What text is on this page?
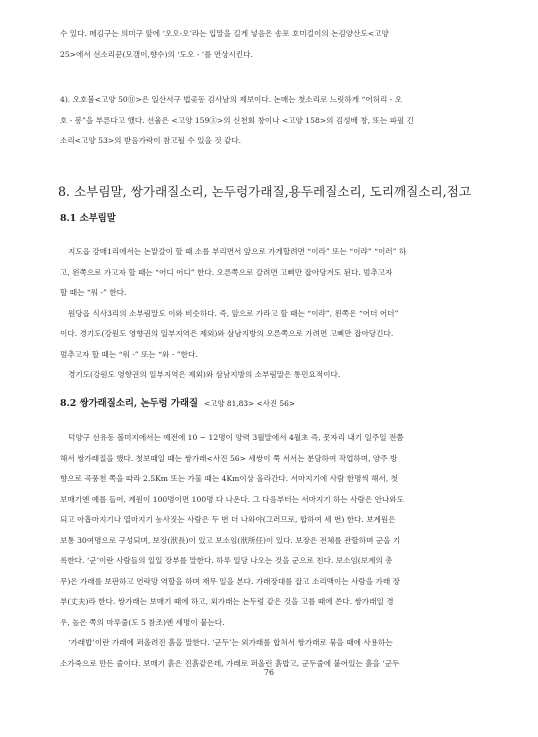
수 있다. 메김구는 의미구 앞에 ‘오오-오’라는 입말을 길게 넣음은 송포 호미걸이의 논김양산도<고양

25>에서 선소리꾼(모갬이,향수)의 ‘도오 - ’를 연상시킨다.

4). 오호불<고양 50⑪>은 일산서구 법곶동 김사남의 제보이다. 논매는 첫소리로 느릿하게 “어허리 - 오

호 - 봉”을 부른다고 했다. 선율은 <고양 159③>의 신천회 창이나 <고양 158>의 김성배 창, 또는 파필 긴

소리<고양 53>의 받음가락이 참고될 수 있을 것 같다.

8. 소부림말, 쌍가래질소리, 논두렁가래질,용두레질소리, 도리깨질소리,점고
8.1 소부림말

지도읍 강매1리에서는 논맡갈이 할 때 소를 부리면서 앞으로 가게할려면 “이라” 또는 “이랴” “이러” 하

고, 왼쪽으로 가고자 할 때는 “어디 어디” 한다. 오른쪽으로 갈려면 고삐만 잡아당겨도 된다. 멈추고자

할 때는 “워 -” 한다.

원당읍 식사3리의 소부림말도 이와 비슷하다. 즉, 앞으로 가라고 할 때는 “이랴”, 왼쪽은 “어더 어더”

이다. 경기도(강원도 영향권의 일부지역은 제외)와 삼남지방의 오른쪽으로 가려면 고삐만 잡아당긴다.

멈추고자 할 때는 “워 -” 또는 “와 - ”한다.

경기도(강원도 영향권의 일부지역은 제외)와 삼남지방의 소부림말은 통민요적이다.

8.2 쌍가래질소리, 논두렁 가래질 <고양 81,83> <사진 56>

덕양구 선유동 볼미지에서는 예전에 10 ~ 12명이 양력 3월말에서 4월초 즉, 못자리 내기 일주일 전쯤

해서 쌍가래질을 했다. 첫보때일 때는 쌍가래<사진 56> 세쌍이 쭉 서서는 분담하여 작업하며, 양주 방

향으로 곡풍천 쪽을 따라 2.5Km 또는 가물 때는 4Km이상 올라간다. 서마지기에 사람 한명씩 해서, 첫

보매기엔 예를 들어, 계원이 100명이면 100명 다 나온다. 그 다음부터는 서마지기 하는 사람은 안나와도

되고 아홉마지기나 열마지기 농사짓는 사람은 두 번 더 나와야(그러므로, 합하여 세 번) 한다. 보계원은

보통 30여명으로 구성되며, 보장(洑長)이 있고 보소임(洑所任)이 있다. 보장은 전체를 관할하며 군을 기

록한다. ‘군’이란 사람들의 일일 장부를 말한다. 하루 일당 나오는 것을 군으로 친다. 보소임(보계의 총

무)은 가래를 보판하고 연락망 역할을 하며 재무 일을 본다. 가래장대를 잡고 소리맥이는 사람을 가래 장

부(丈夫)라 한다. 쌍가래는 보매기 때에 하고, 외가래는 논두렁 같은 것을 고를 때에 쓴다. 쌍가래일 경

우, 높은 쪽의 마루줄(도 5 참조)엔 세명이 붙는다.

‘가래밥’이란 가래에 퍼올려진 흙을 말한다. ‘군두’는 외가래를 합쳐서 쌍가래로 묶을 때에 사용하는

소가죽으로 만든 줄이다. 보매기 흙은 진흙같은데, 가래로 퍼올린 흙밥고, 군두줄에 붙어있는 흙을 ‘군두

76
